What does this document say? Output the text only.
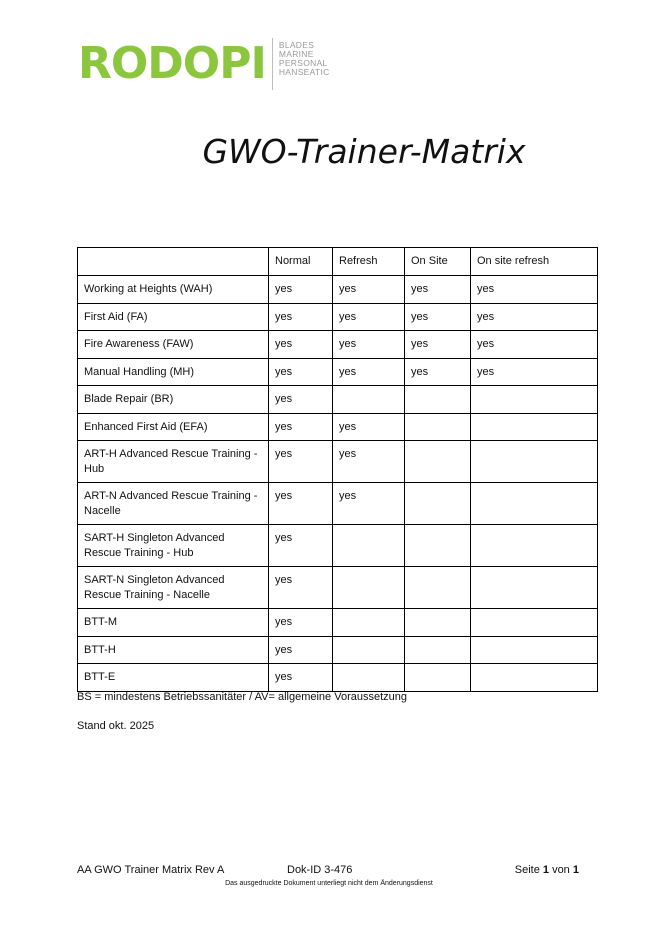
RODOPI BLADES
MARINE
PERSONAL
HANSEATIC
GWO-Trainer-Matrix
	Normal	Refresh	On Site	On site refresh
Working at Heights (WAH)	yes	yes	yes	yes
First Aid (FA)	yes	yes	yes	yes
Fire Awareness (FAW)	yes	yes	yes	yes
Manual Handling (MH)	yes	yes	yes	yes
Blade Repair (BR)	yes			
Enhanced First Aid (EFA)	yes	yes		
ART-H Advanced Rescue Training - Hub	yes	yes		
ART-N Advanced Rescue Training - Nacelle	yes	yes		
SART-H Singleton Advanced Rescue Training - Hub	yes			
SART-N Singleton Advanced Rescue Training - Nacelle	yes			
BTT-M	yes			
BTT-H	yes			
BTT-E	yes			
BS = mindestens Betriebssanitäter / AV= allgemeine Voraussetzung
Stand okt. 2025
AA GWO Trainer Matrix Rev A	Dok-ID 3-476	Seite 1 von 1
Das ausgedruckte Dokument unterliegt nicht dem Änderungsdienst
